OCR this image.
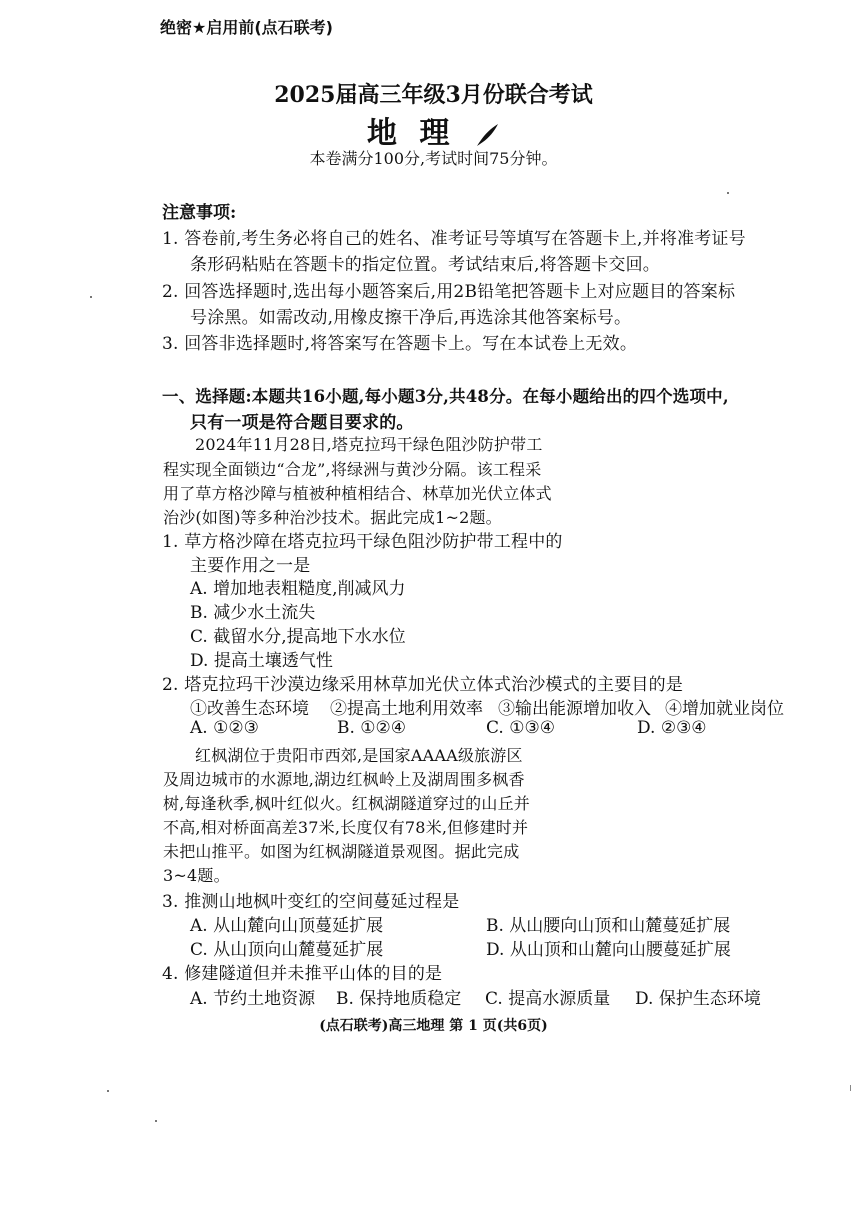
绝密★启用前(点石联考)
2025届高三年级3月份联合考试
地 理
本卷满分100分,考试时间75分钟。
注意事项:
1. 答卷前,考生务必将自己的姓名、准考证号等填写在答题卡上,并将准考证号
条形码粘贴在答题卡的指定位置。考试结束后,将答题卡交回。
2. 回答选择题时,选出每小题答案后,用2B铅笔把答题卡上对应题目的答案标
号涂黑。如需改动,用橡皮擦干净后,再选涂其他答案标号。
3. 回答非选择题时,将答案写在答题卡上。写在本试卷上无效。
一、选择题:本题共16小题,每小题3分,共48分。在每小题给出的四个选项中,
只有一项是符合题目要求的。
2024年11月28日,塔克拉玛干绿色阻沙防护带工
程实现全面锁边“合龙”,将绿洲与黄沙分隔。该工程采
用了草方格沙障与植被种植相结合、林草加光伏立体式
治沙(如图)等多种治沙技术。据此完成1~2题。
1. 草方格沙障在塔克拉玛干绿色阻沙防护带工程中的
主要作用之一是
A. 增加地表粗糙度,削减风力
B. 减少水土流失
C. 截留水分,提高地下水水位
D. 提高土壤透气性
2. 塔克拉玛干沙漠边缘采用林草加光伏立体式治沙模式的主要目的是
①改善生态环境 ②提高土地利用效率 ③输出能源增加收入 ④增加就业岗位
A. ①②③	B. ①②④	C. ①③④	D. ②③④
红枫湖位于贵阳市西郊,是国家AAAA级旅游区
及周边城市的水源地,湖边红枫岭上及湖周围多枫香
树,每逢秋季,枫叶红似火。红枫湖隧道穿过的山丘并
不高,相对桥面高差37米,长度仅有78米,但修建时并
未把山推平。如图为红枫湖隧道景观图。据此完成
3~4题。
3. 推测山地枫叶变红的空间蔓延过程是
A. 从山麓向山顶蔓延扩展	B. 从山腰向山顶和山麓蔓延扩展
C. 从山顶向山麓蔓延扩展	D. 从山顶和山麓向山腰蔓延扩展
4. 修建隧道但并未推平山体的目的是
A. 节约土地资源 B. 保持地质稳定 C. 提高水源质量 D. 保护生态环境
(点石联考)高三地理 第 1 页(共6页)
